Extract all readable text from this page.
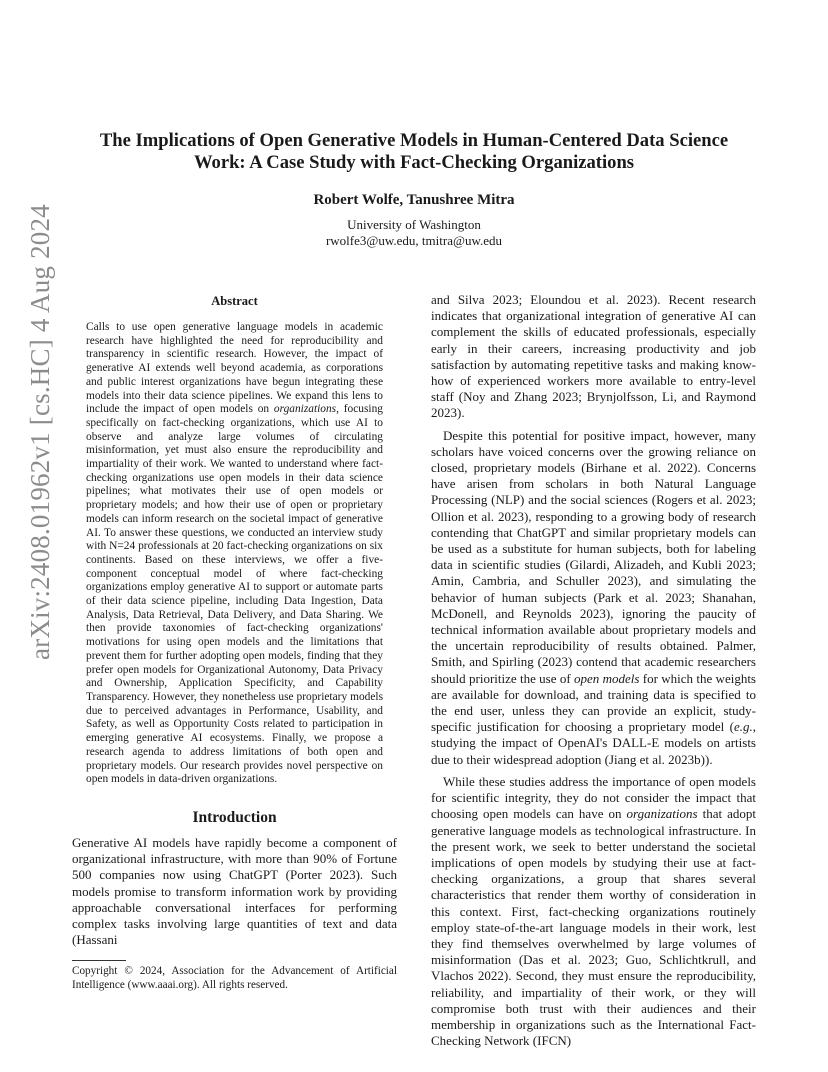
arXiv:2408.01962v1 [cs.HC] 4 Aug 2024
The Implications of Open Generative Models in Human-Centered Data Science
Work: A Case Study with Fact-Checking Organizations
Robert Wolfe, Tanushree Mitra
University of Washington
rwolfe3@uw.edu, tmitra@uw.edu
Abstract

Calls to use open generative language models in academic research have highlighted the need for reproducibility and transparency in scientific research. However, the impact of generative AI extends well beyond academia, as corporations and public interest organizations have begun integrating these models into their data science pipelines. We expand this lens to include the impact of open models on organizations, focusing specifically on fact-checking organizations, which use AI to observe and analyze large volumes of circulating misinformation, yet must also ensure the reproducibility and impartiality of their work. We wanted to understand where fact-checking organizations use open models in their data science pipelines; what motivates their use of open models or proprietary models; and how their use of open or proprietary models can inform research on the societal impact of generative AI. To answer these questions, we conducted an interview study with N=24 professionals at 20 fact-checking organizations on six continents. Based on these interviews, we offer a five-component conceptual model of where fact-checking organizations employ generative AI to support or automate parts of their data science pipeline, including Data Ingestion, Data Analysis, Data Retrieval, Data Delivery, and Data Sharing. We then provide taxonomies of fact-checking organizations' motivations for using open models and the limitations that prevent them for further adopting open models, finding that they prefer open models for Organizational Autonomy, Data Privacy and Ownership, Application Specificity, and Capability Transparency. However, they nonetheless use proprietary models due to perceived advantages in Performance, Usability, and Safety, as well as Opportunity Costs related to participation in emerging generative AI ecosystems. Finally, we propose a research agenda to address limitations of both open and proprietary models. Our research provides novel perspective on open models in data-driven organizations.

Introduction

Generative AI models have rapidly become a component of organizational infrastructure, with more than 90% of Fortune 500 companies now using ChatGPT (Porter 2023). Such models promise to transform information work by providing approachable conversational interfaces for performing complex tasks involving large quantities of text and data (Hassani

Copyright © 2024, Association for the Advancement of Artificial Intelligence (www.aaai.org). All rights reserved.

and Silva 2023; Eloundou et al. 2023). Recent research indicates that organizational integration of generative AI can complement the skills of educated professionals, especially early in their careers, increasing productivity and job satisfaction by automating repetitive tasks and making know-how of experienced workers more available to entry-level staff (Noy and Zhang 2023; Brynjolfsson, Li, and Raymond 2023).

Despite this potential for positive impact, however, many scholars have voiced concerns over the growing reliance on closed, proprietary models (Birhane et al. 2022). Concerns have arisen from scholars in both Natural Language Processing (NLP) and the social sciences (Rogers et al. 2023; Ollion et al. 2023), responding to a growing body of research contending that ChatGPT and similar proprietary models can be used as a substitute for human subjects, both for labeling data in scientific studies (Gilardi, Alizadeh, and Kubli 2023; Amin, Cambria, and Schuller 2023), and simulating the behavior of human subjects (Park et al. 2023; Shanahan, McDonell, and Reynolds 2023), ignoring the paucity of technical information available about proprietary models and the uncertain reproducibility of results obtained. Palmer, Smith, and Spirling (2023) contend that academic researchers should prioritize the use of open models for which the weights are available for download, and training data is specified to the end user, unless they can provide an explicit, study-specific justification for choosing a proprietary model (e.g., studying the impact of OpenAI's DALL-E models on artists due to their widespread adoption (Jiang et al. 2023b)).

While these studies address the importance of open models for scientific integrity, they do not consider the impact that choosing open models can have on organizations that adopt generative language models as technological infrastructure. In the present work, we seek to better understand the societal implications of open models by studying their use at fact-checking organizations, a group that shares several characteristics that render them worthy of consideration in this context. First, fact-checking organizations routinely employ state-of-the-art language models in their work, lest they find themselves overwhelmed by large volumes of misinformation (Das et al. 2023; Guo, Schlichtkrull, and Vlachos 2022). Second, they must ensure the reproducibility, reliability, and impartiality of their work, or they will compromise both trust with their audiences and their membership in organizations such as the International Fact-Checking Network (IFCN)
